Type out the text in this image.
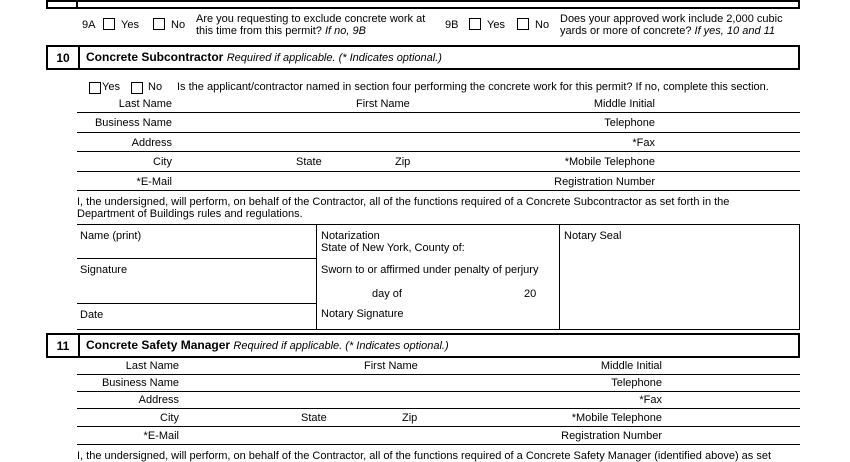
9A Yes	No Are you requesting to exclude concrete work at
this time from this permit? If no, 9B	9B	Yes	No Does your approved work include 2,000 cubic
yards or more of concrete? If yes, 10 and 11
10	Concrete Subcontractor Required if applicable. (* Indicates optional.)
Yes	No Is the applicant/contractor named in section four performing the concrete work for this permit? If no, complete this section.
Last Name	First Name	Middle Initial
Business Name	Telephone
Address	*Fax
City	State	Zip	*Mobile Telephone
*E-Mail	Registration Number
I, the undersigned, will perform, on behalf of the Contractor, all of the functions required of a Concrete Subcontractor as set forth in the
Department of Buildings rules and regulations.
Name (print)
Signature
Date
Notarization
State of New York, County of:
Sworn to or affirmed under penalty of perjury
day of	20
Notary Signature
Notary Seal
11	Concrete Safety Manager Required if applicable. (* Indicates optional.)
Last Name	First Name	Middle Initial
Business Name	Telephone
Address	*Fax
City	State	Zip	*Mobile Telephone
*E-Mail	Registration Number
I, the undersigned, will perform, on behalf of the Contractor, all of the functions required of a Concrete Safety Manager (identified above) as set
